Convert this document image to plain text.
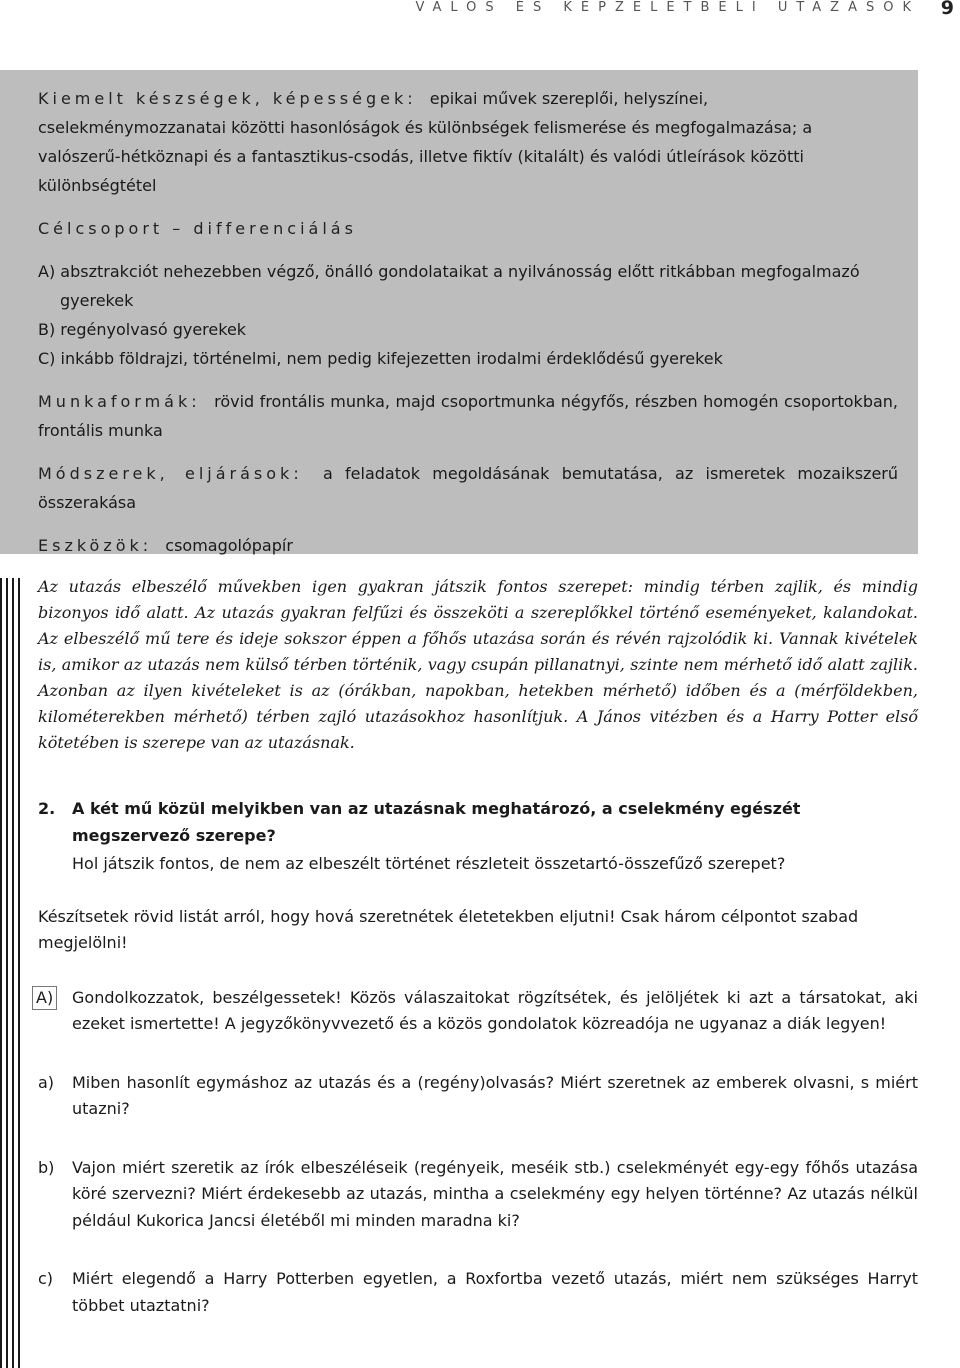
VALÓS ÉS KÉPZELETBELI UTAZÁSOK 9

Kiemelt készségek, képességek: epikai művek szereplői, helyszínei, cselekménymozzanatai közötti hasonlóságok és különbségek felismerése és megfogalmazása; a valószerű-hétköznapi és a fantasztikus-csodás, illetve fiktív (kitalált) és valódi útleírások közötti különbségtétel

Célcsoport – differenciálás

A) absztrakciót nehezebben végző, önálló gondolataikat a nyilvánosság előtt ritkábban megfogalmazó gyerekek

B) regényolvasó gyerekek

C) inkább földrajzi, történelmi, nem pedig kifejezetten irodalmi érdeklődésű gyerekek

Munkaformák: rövid frontális munka, majd csoportmunka négyfős, részben homogén csoportokban, frontális munka

Módszerek, eljárások: a feladatok megoldásának bemutatása, az ismeretek mozaikszerű összerakása

Eszközök: csomagolópapír

Az utazás elbeszélő művekben igen gyakran játszik fontos szerepet: mindig térben zajlik, és mindig bizonyos idő alatt. Az utazás gyakran felfűzi és összeköti a szereplőkkel történő eseményeket, kalandokat. Az elbeszélő mű tere és ideje sokszor éppen a főhős utazása során és révén rajzolódik ki. Vannak kivételek is, amikor az utazás nem külső térben történik, vagy csupán pillanatnyi, szinte nem mérhető idő alatt zajlik. Azonban az ilyen kivételeket is az (órákban, napokban, hetekben mérhető) időben és a (mérföldekben, kilométerekben mérhető) térben zajló utazásokhoz hasonlítjuk. A János vitézben és a Harry Potter első kötetében is szerepe van az utazásnak.

2.	A két mű közül melyikben van az utazásnak meghatározó, a cselekmény egészét megszervező szerepe?

Hol játszik fontos, de nem az elbeszélt történet részleteit összetartó-összefűző szerepet?

Készítsetek rövid listát arról, hogy hová szeretnétek életetekben eljutni! Csak három célpontot szabad megjelölni!

A)	Gondolkozzatok, beszélgessetek! Közös válaszaitokat rögzítsétek, és jelöljétek ki azt a társatokat, aki ezeket ismertette! A jegyzőkönyvvezető és a közös gondolatok közreadója ne ugyanaz a diák legyen!

a)	Miben hasonlít egymáshoz az utazás és a (regény)olvasás? Miért szeretnek az emberek olvasni, s miért utazni?

b)	Vajon miért szeretik az írók elbeszéléseik (regényeik, meséik stb.) cselekményét egy-egy főhős utazása köré szervezni? Miért érdekesebb az utazás, mintha a cselekmény egy helyen történne? Az utazás nélkül például Kukorica Jancsi életéből mi minden maradna ki?

c)	Miért elegendő a Harry Potterben egyetlen, a Roxfortba vezető utazás, miért nem szükséges Harryt többet utaztatni?
